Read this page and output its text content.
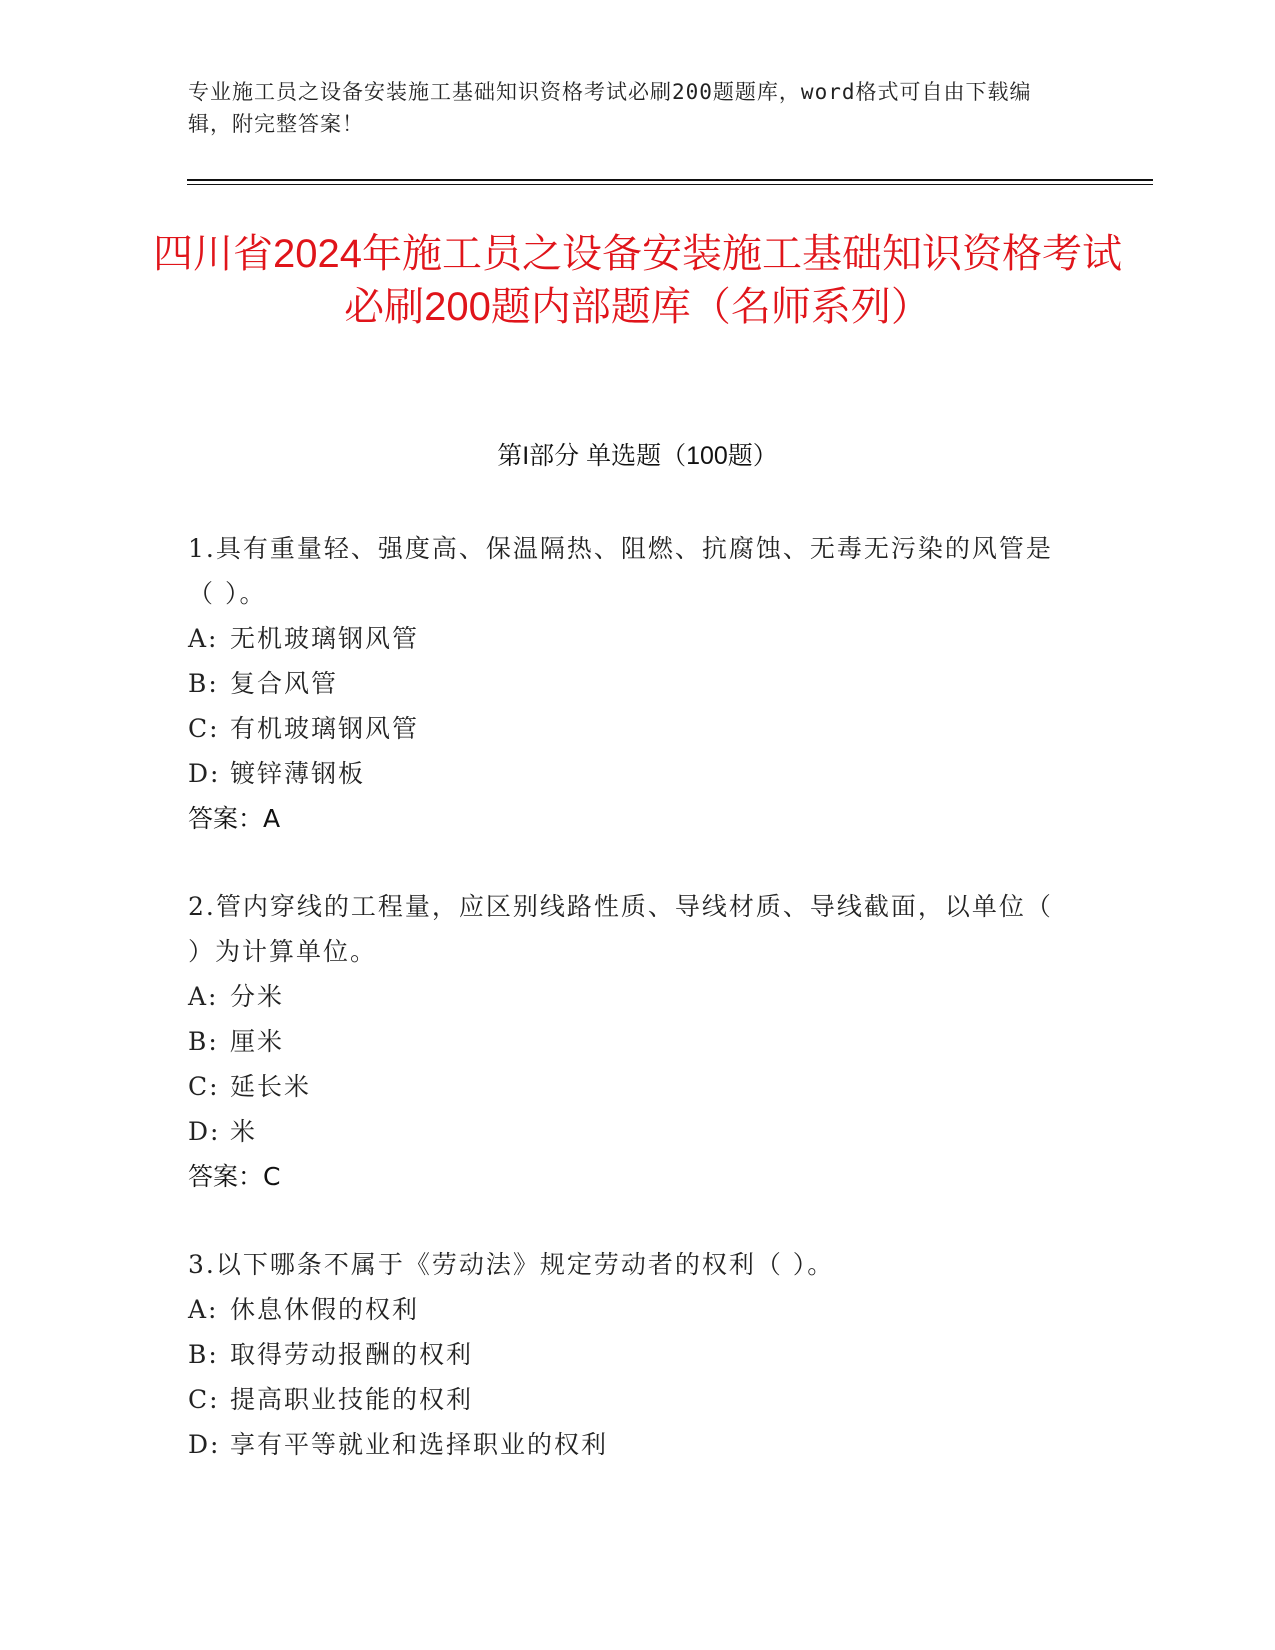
专业施工员之设备安装施工基础知识资格考试必刷200题题库，word格式可自由下载编辑，附完整答案！
四川省2024年施工员之设备安装施工基础知识资格考试必刷200题内部题库（名师系列）
第I部分 单选题（100题）
1.具有重量轻、强度高、保温隔热、阻燃、抗腐蚀、无毒无污染的风管是（ ）。
A: 无机玻璃钢风管
B: 复合风管
C: 有机玻璃钢风管
D: 镀锌薄钢板
答案：A
2.管内穿线的工程量，应区别线路性质、导线材质、导线截面，以单位（ ）为计算单位。
A: 分米
B: 厘米
C: 延长米
D: 米
答案：C
3.以下哪条不属于《劳动法》规定劳动者的权利（ ）。
A: 休息休假的权利
B: 取得劳动报酬的权利
C: 提高职业技能的权利
D: 享有平等就业和选择职业的权利
